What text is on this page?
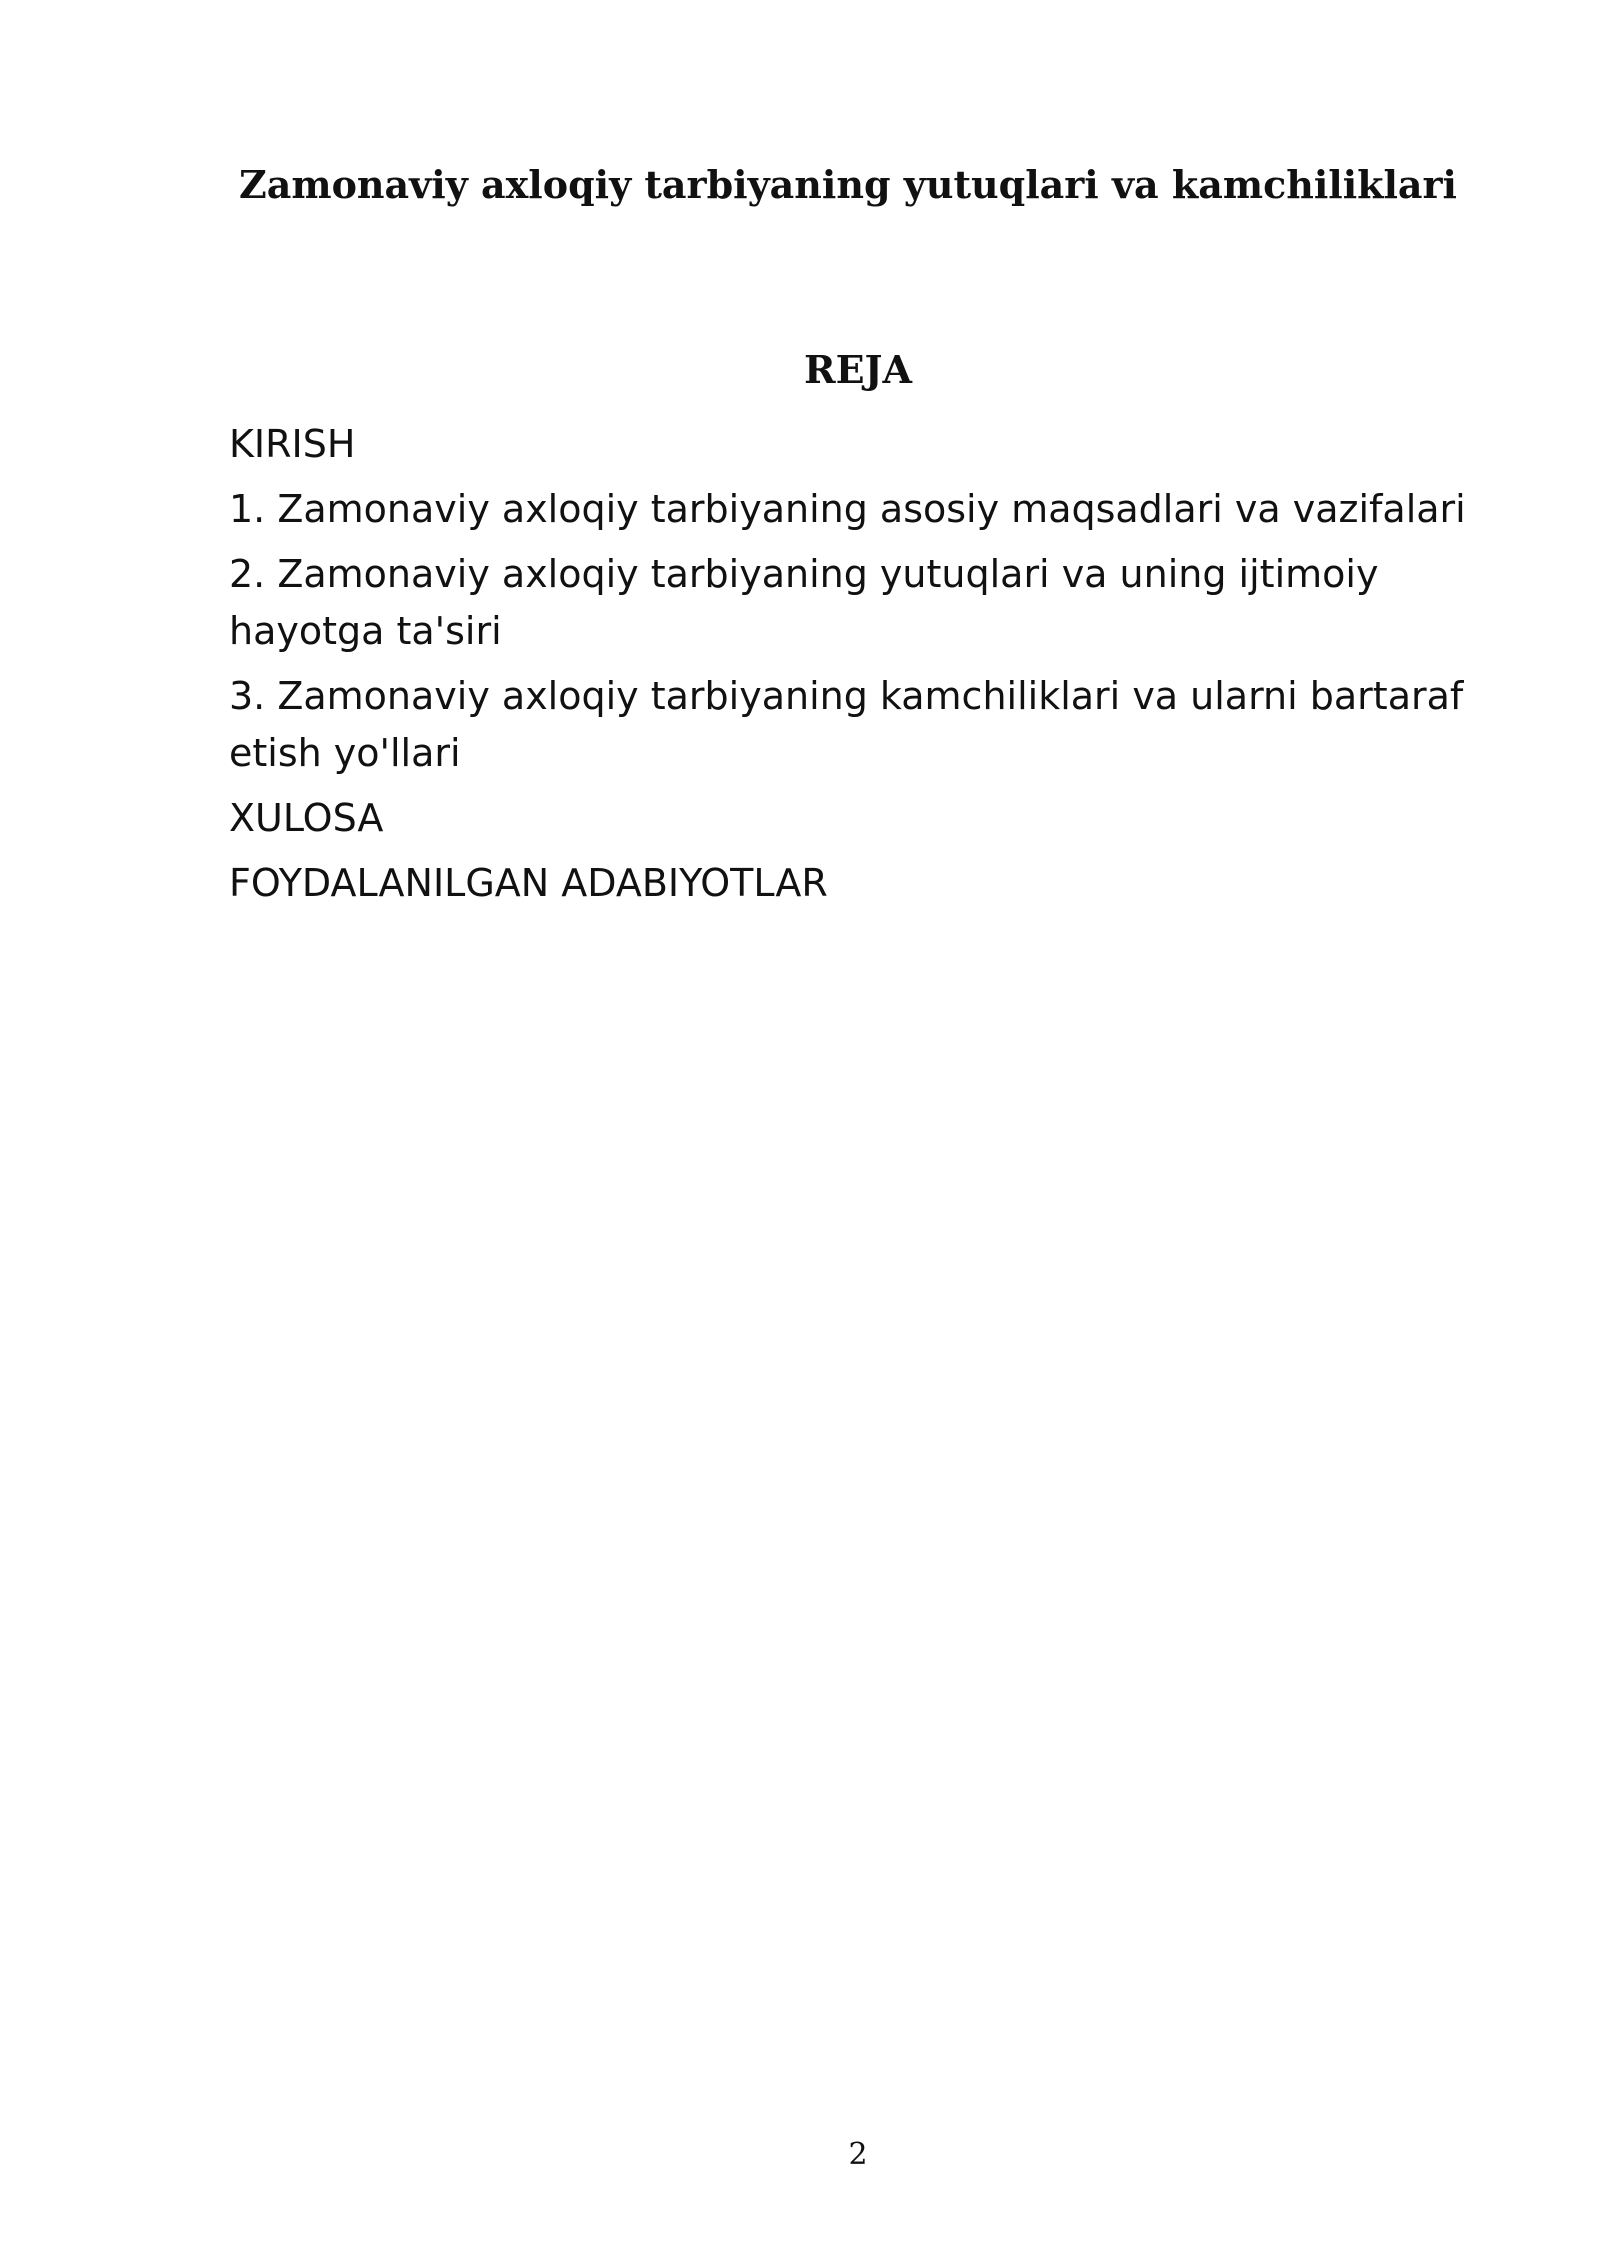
Zamonaviy axloqiy tarbiyaning yutuqlari va kamchiliklari
REJA
KIRISH
1. Zamonaviy axloqiy tarbiyaning asosiy maqsadlari va vazifalari
2. Zamonaviy axloqiy tarbiyaning yutuqlari va uning ijtimoiy hayotga ta'siri
3. Zamonaviy axloqiy tarbiyaning kamchiliklari va ularni bartaraf etish yo'llari
XULOSA
FOYDALANILGAN ADABIYOTLAR
2
